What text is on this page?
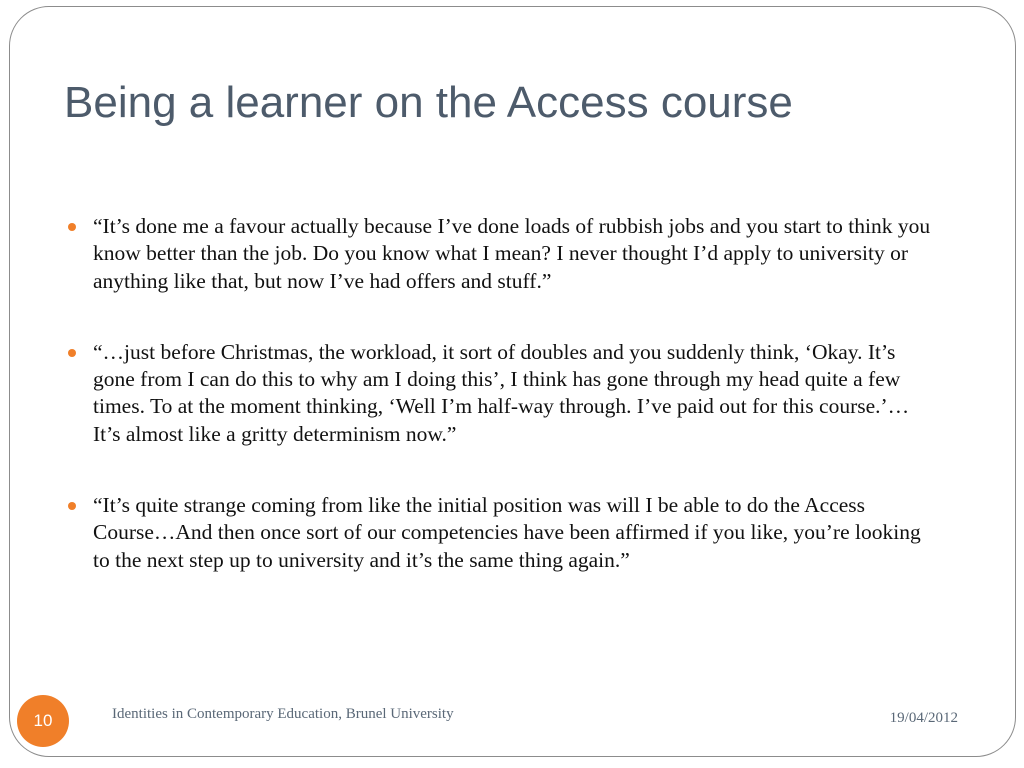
Being a learner on the Access course
“It’s done me a favour actually because I’ve done loads of rubbish jobs and you start to think you know better than the job. Do you know what I mean? I never thought I’d apply to university or anything like that, but now I’ve had offers and stuff.”
“…just before Christmas, the workload, it sort of doubles and you suddenly think, ‘Okay. It’s gone from I can do this to why am I doing this’, I think has gone through my head quite a few times. To at the moment thinking, ‘Well I’m half-way through. I’ve paid out for this course.’… It’s almost like a gritty determinism now.”
“It’s quite strange coming from like the initial position was will I be able to do the Access Course…And then once sort of our competencies have been affirmed if you like, you’re looking to the next step up to university and it’s the same thing again.”
10	Identities in Contemporary Education, Brunel University	19/04/2012
